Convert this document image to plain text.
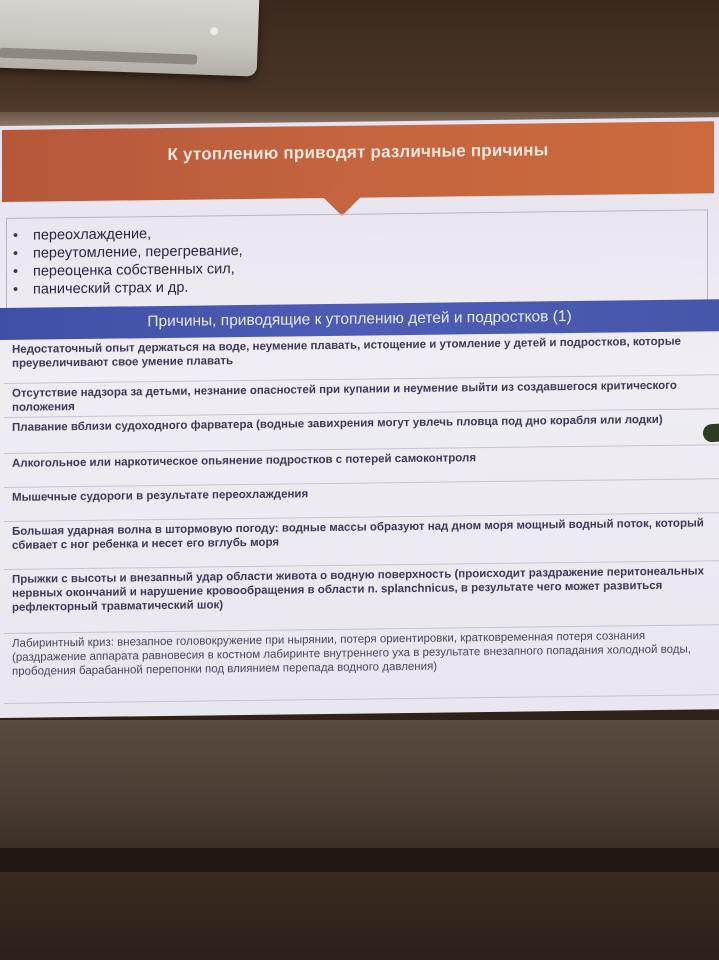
К утоплению приводят различные причины
• переохлаждение,
• переутомление, перегревание,
• переоценка собственных сил,
• панический страх и др.
Причины, приводящие к утоплению детей и подростков (1)
Недостаточный опыт держаться на воде, неумение плавать, истощение и утомление у детей и подростков, которые преувеличивают свое умение плавать
Отсутствие надзора за детьми, незнание опасностей при купании и неумение выйти из создавшегося критического положения
Плавание вблизи судоходного фарватера (водные завихрения могут увлечь пловца под дно корабля или лодки)
Алкогольное или наркотическое опьянение подростков с потерей самоконтроля
Мышечные судороги в результате переохлаждения
Большая ударная волна в штормовую погоду: водные массы образуют над дном моря мощный водный поток, который сбивает с ног ребенка и несет его вглубь моря
Прыжки с высоты и внезапный удар области живота о водную поверхность (происходит раздражение перитонеальных нервных окончаний и нарушение кровообращения в области n. splanchnicus, в результате чего может развиться рефлекторный травматический шок)
Лабиринтный криз: внезапное головокружение при нырянии, потеря ориентировки, кратковременная потеря сознания (раздражение аппарата равновесия в костном лабиринте внутреннего уха в результате внезапного попадания холодной воды, прободения барабанной перепонки под влиянием перепада водного давления)
